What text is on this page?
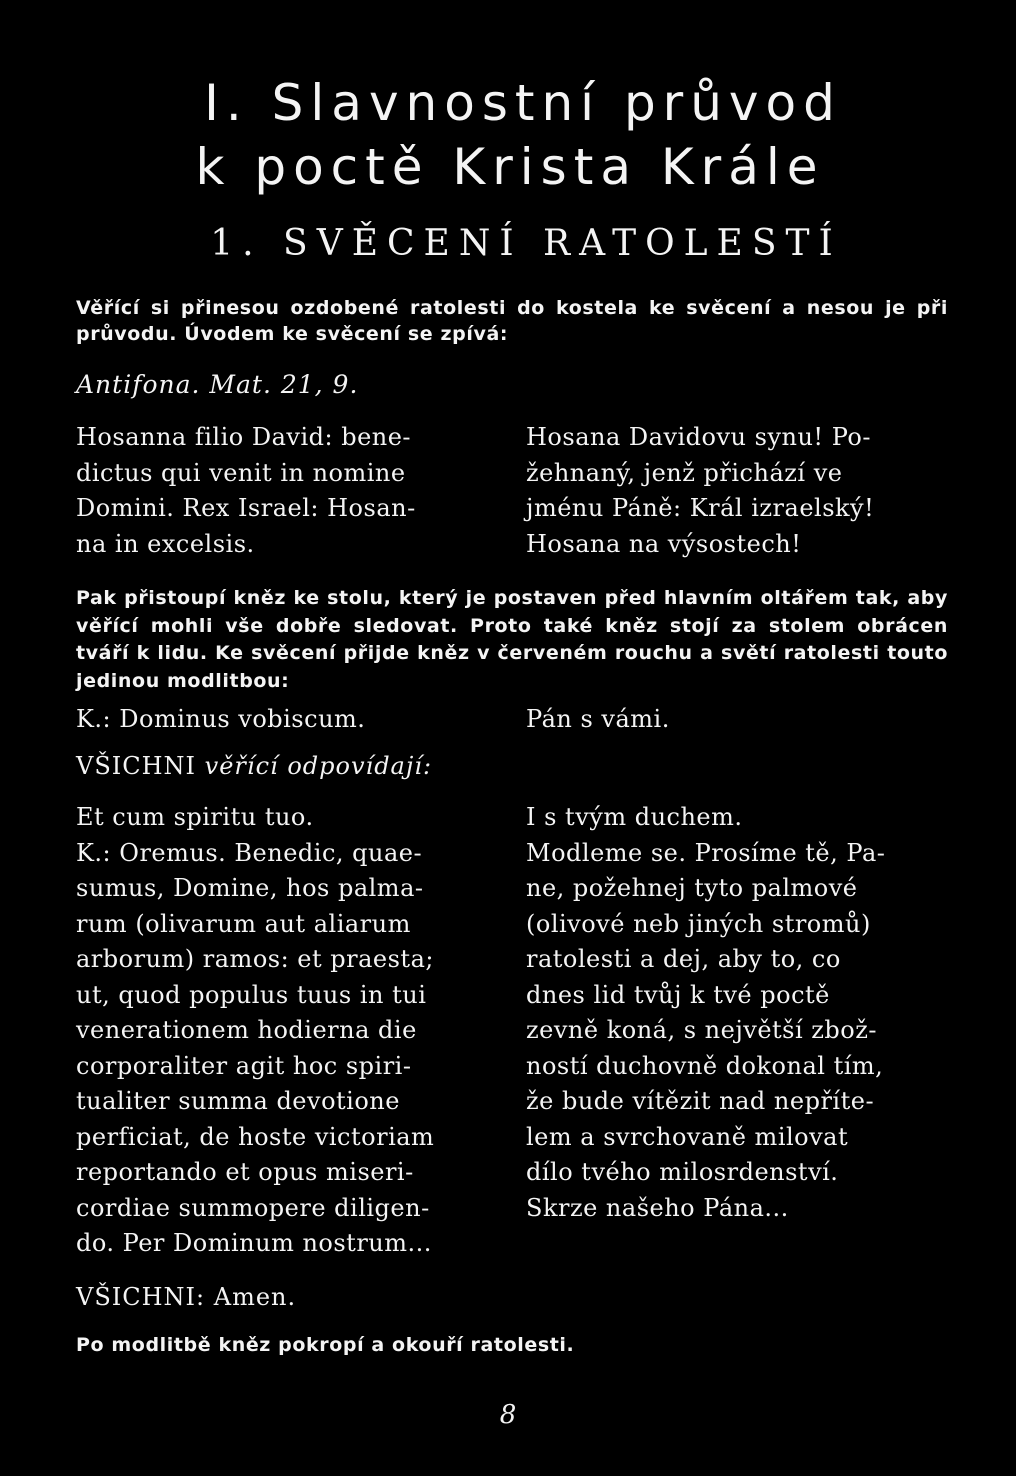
I. Slavnostní průvod
k poctě Krista Krále
1. SVĚCENÍ RATOLESTÍ
Věřící si přinesou ozdobené ratolesti do kostela ke svěcení a nesou je při průvodu. Úvodem ke svěcení se zpívá:
Antifona. Mat. 21, 9.
Hosanna filio David: bene-
dictus qui venit in nomine
Domini. Rex Israel: Hosan-
na in excelsis.
Hosana Davidovu synu! Po-
žehnaný, jenž přichází ve
jménu Páně: Král izraelský!
Hosana na výsostech!
Pak přistoupí kněz ke stolu, který je postaven před hlavním oltářem tak, aby věřící mohli vše dobře sledovat. Proto také kněz stojí za stolem obrácen tváří k lidu. Ke svěcení přijde kněz v červeném rouchu a světí ratolesti touto jedinou modlitbou:
K.: Dominus vobiscum.	Pán s vámi.
VŠICHNI věřící odpovídají:
Et cum spiritu tuo.
K.: Oremus. Benedic, quae-
sumus, Domine, hos palma-
rum (olivarum aut aliarum
arborum) ramos: et praesta;
ut, quod populus tuus in tui
venerationem hodierna die
corporaliter agit hoc spiri-
tualiter summa devotione
perficiat, de hoste victoriam
reportando et opus miseri-
cordiae summopere diligen-
do. Per Dominum nostrum...
I s tvým duchem.
Modleme se. Prosíme tě, Pa-
ne, požehnej tyto palmové
(olivové neb jiných stromů)
ratolesti a dej, aby to, co
dnes lid tvůj k tvé poctě
zevně koná, s největší zbož-
ností duchovně dokonal tím,
že bude vítězit nad nepříte-
lem a svrchovaně milovat
dílo tvého milosrdenství.
Skrze našeho Pána...
VŠICHNI: Amen.
Po modlitbě kněz pokropí a okouří ratolesti.
8
